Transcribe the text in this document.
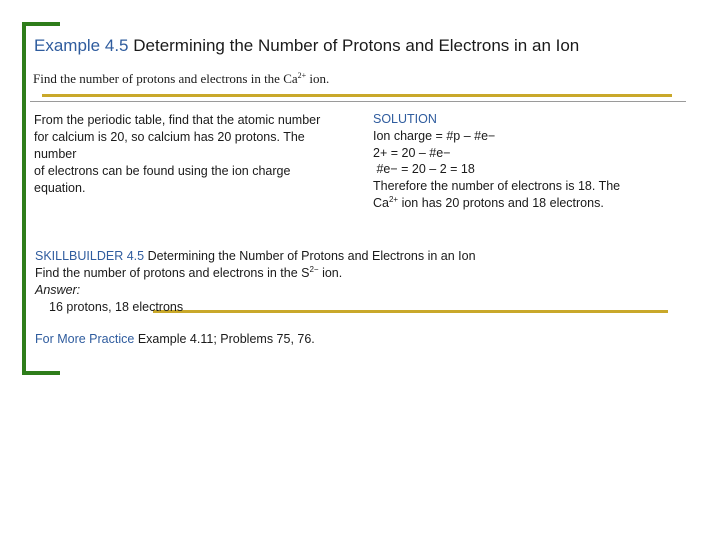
Example 4.5 Determining the Number of Protons and Electrons in an Ion
Find the number of protons and electrons in the $Ca^{2+}$ ion.
From the periodic table, find that the atomic number
for calcium is 20, so calcium has 20 protons. The
number
of electrons can be found using the ion charge
equation.
SOLUTION
Ion charge = #p – #e−
2+ = 20 – #e−
#e− = 20 – 2 = 18
Therefore the number of electrons is 18. The
$Ca^{2+}$ ion has 20 protons and 18 electrons.
SKILLBUILDER 4.5 Determining the Number of Protons and Electrons in an Ion
Find the number of protons and electrons in the $S^{2-}$ ion.
Answer:
16 protons, 18 electrons
For More Practice Example 4.11; Problems 75, 76.
